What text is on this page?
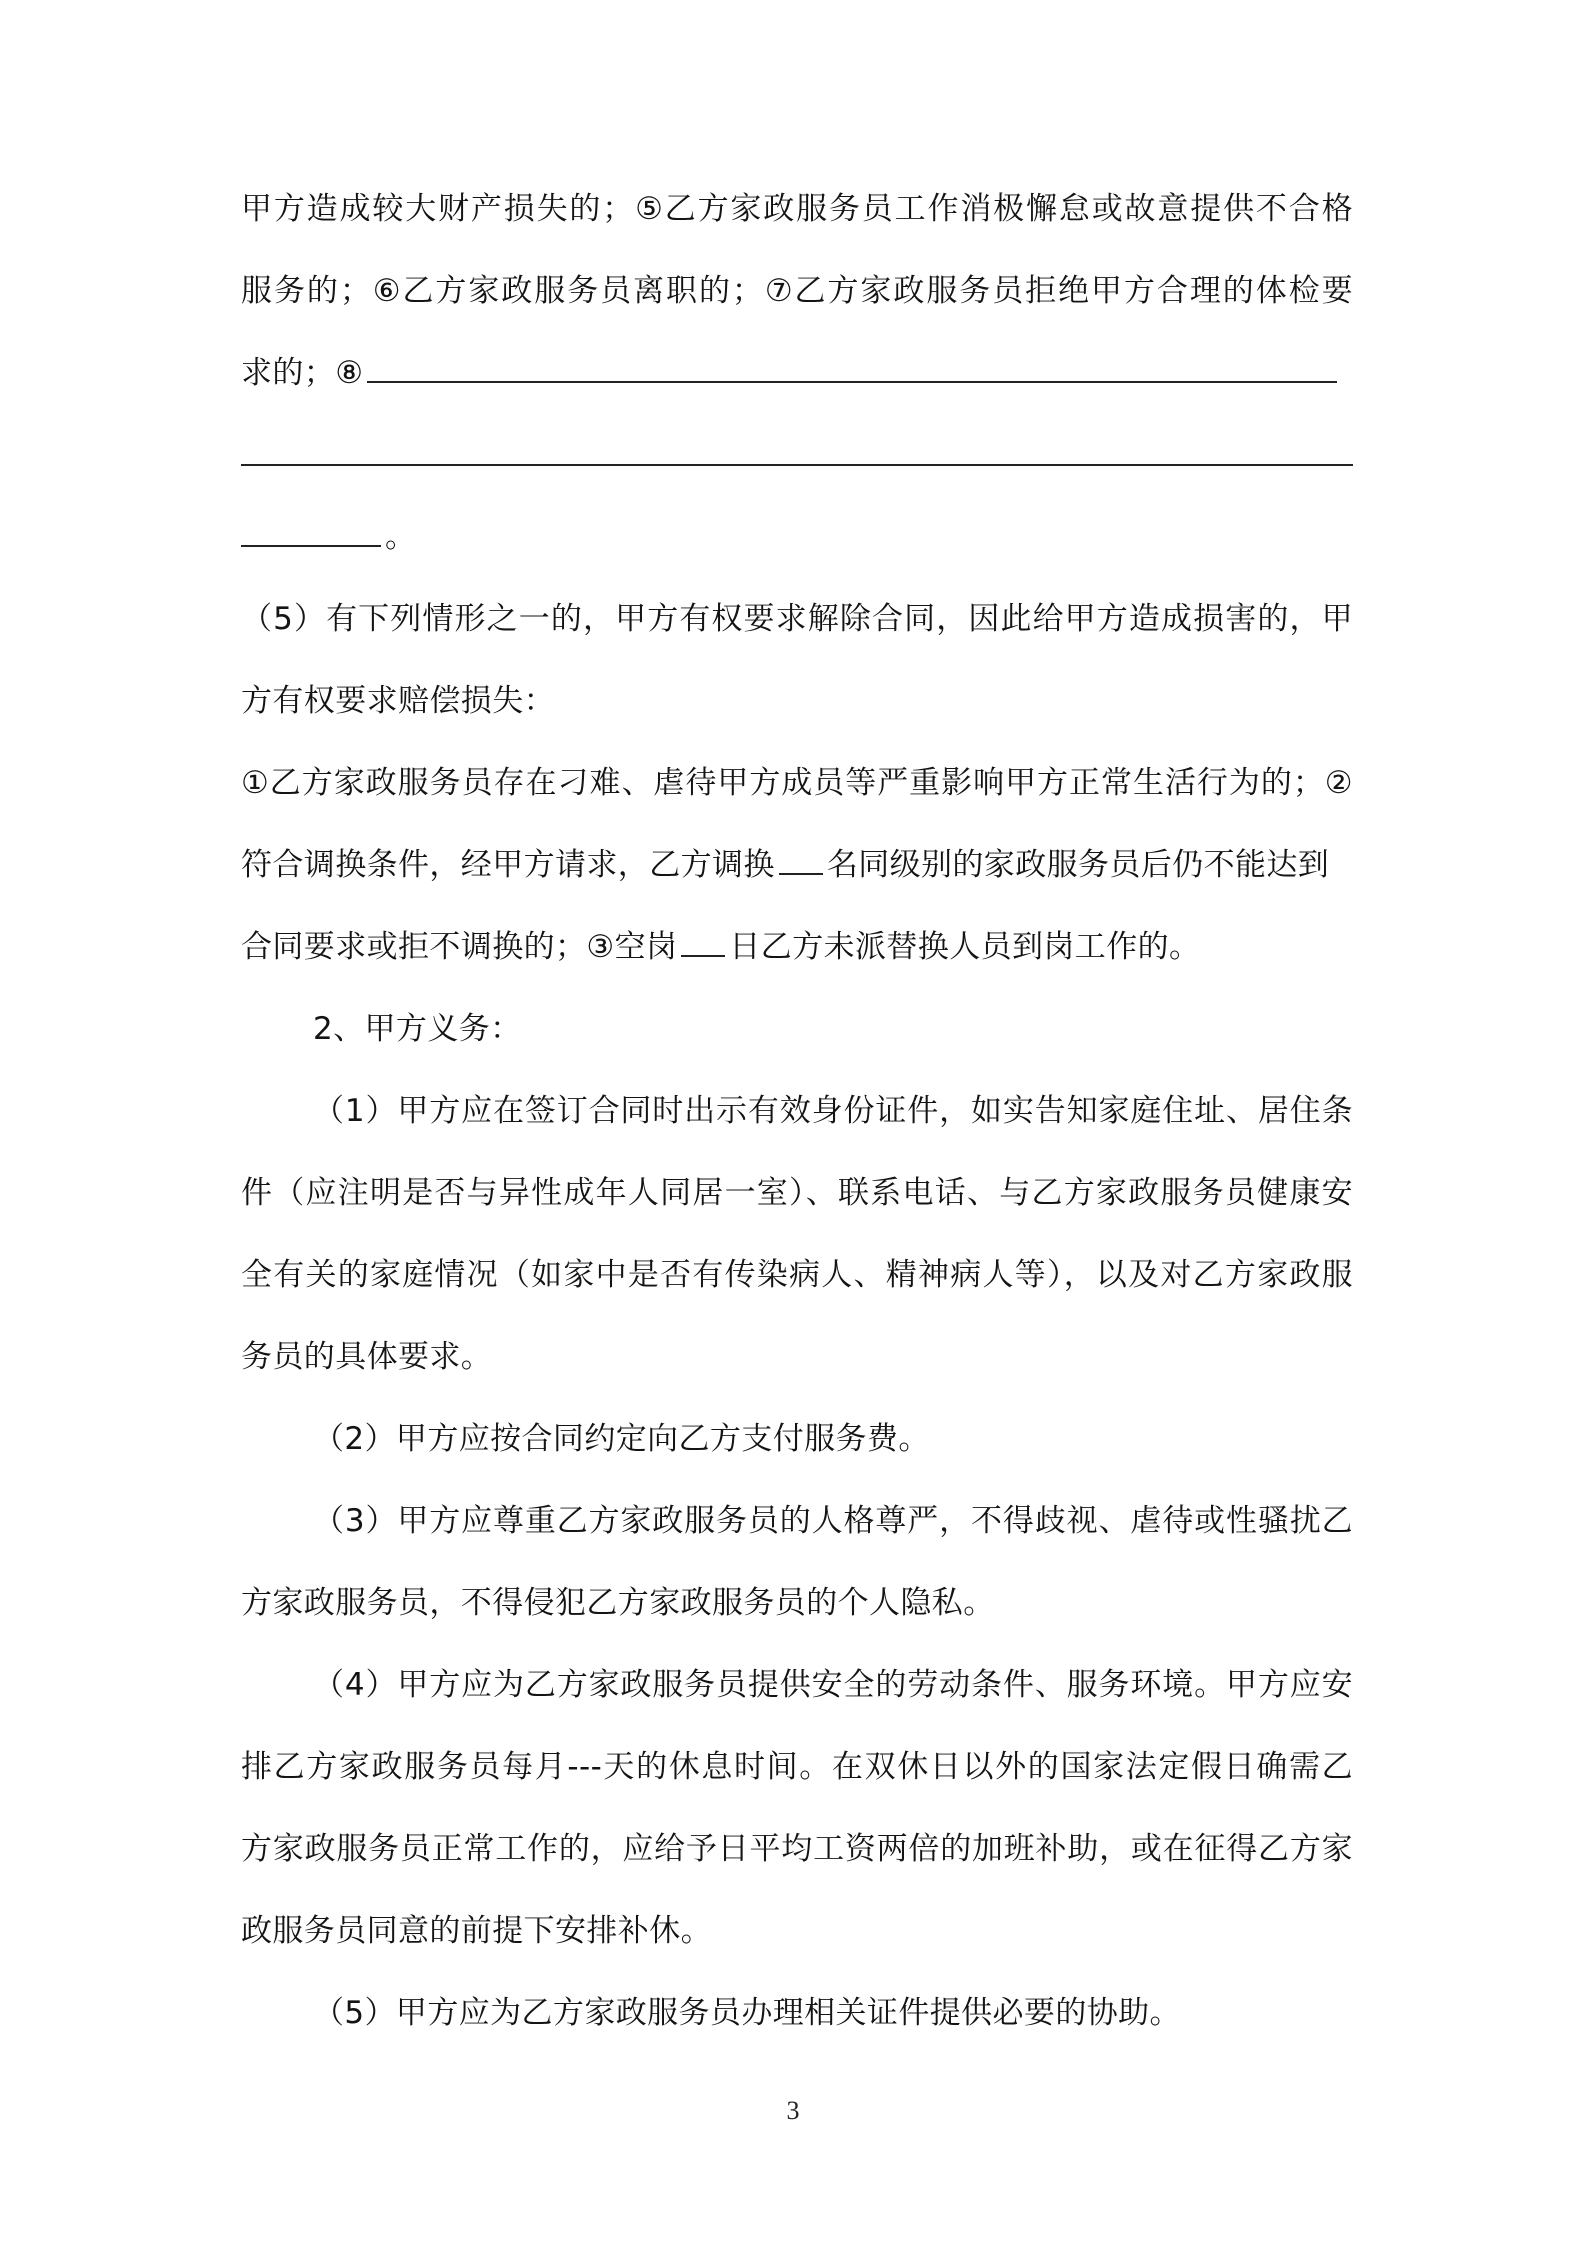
甲方造成较大财产损失的；⑤乙方家政服务员工作消极懈怠或故意提供不合格
服务的；⑥乙方家政服务员离职的；⑦乙方家政服务员拒绝甲方合理的体检要
求的；⑧
。
（5）有下列情形之一的，甲方有权要求解除合同，因此给甲方造成损害的，甲
方有权要求赔偿损失：
①乙方家政服务员存在刁难、虐待甲方成员等严重影响甲方正常生活行为的；②
符合调换条件，经甲方请求，乙方调换 名同级别的家政服务员后仍不能达到
合同要求或拒不调换的；③空岗 日乙方未派替换人员到岗工作的。
2、甲方义务：
（1）甲方应在签订合同时出示有效身份证件，如实告知家庭住址、居住条
件（应注明是否与异性成年人同居一室）、联系电话、与乙方家政服务员健康安
全有关的家庭情况（如家中是否有传染病人、精神病人等），以及对乙方家政服
务员的具体要求。
（2）甲方应按合同约定向乙方支付服务费。
（3）甲方应尊重乙方家政服务员的人格尊严，不得歧视、虐待或性骚扰乙
方家政服务员，不得侵犯乙方家政服务员的个人隐私。
（4）甲方应为乙方家政服务员提供安全的劳动条件、服务环境。甲方应安
排乙方家政服务员每月---天的休息时间。在双休日以外的国家法定假日确需乙
方家政服务员正常工作的，应给予日平均工资两倍的加班补助，或在征得乙方家
政服务员同意的前提下安排补休。
（5）甲方应为乙方家政服务员办理相关证件提供必要的协助。
3
